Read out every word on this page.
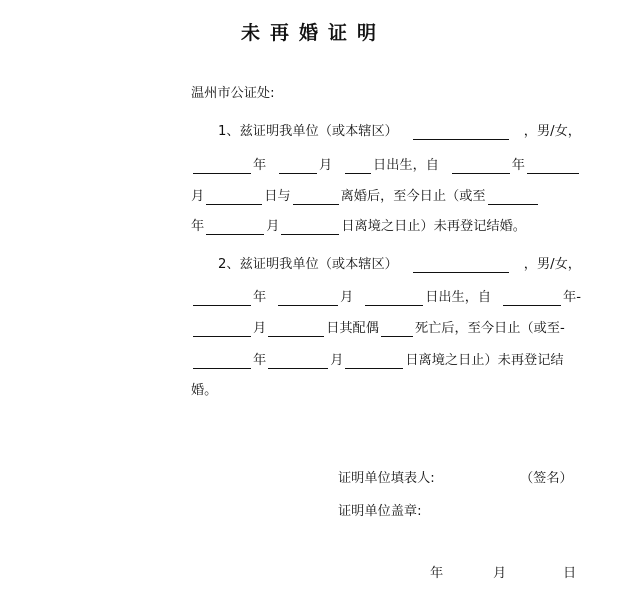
未再婚证明
温州市公证处:
1、兹证明我单位（或本辖区）	，男/女，
年	月	日出生，自	年
月	日与	离婚后，至今日止（或至
年	月	日离境之日止）未再登记结婚。
2、兹证明我单位（或本辖区）	，男/女，
年	月	日出生，自	年-
月	日其配偶	死亡后，至今日止（或至-
年	月	日离境之日止）未再登记结
婚。
证明单位填表人:	（签名）
证明单位盖章:
年	月	日
